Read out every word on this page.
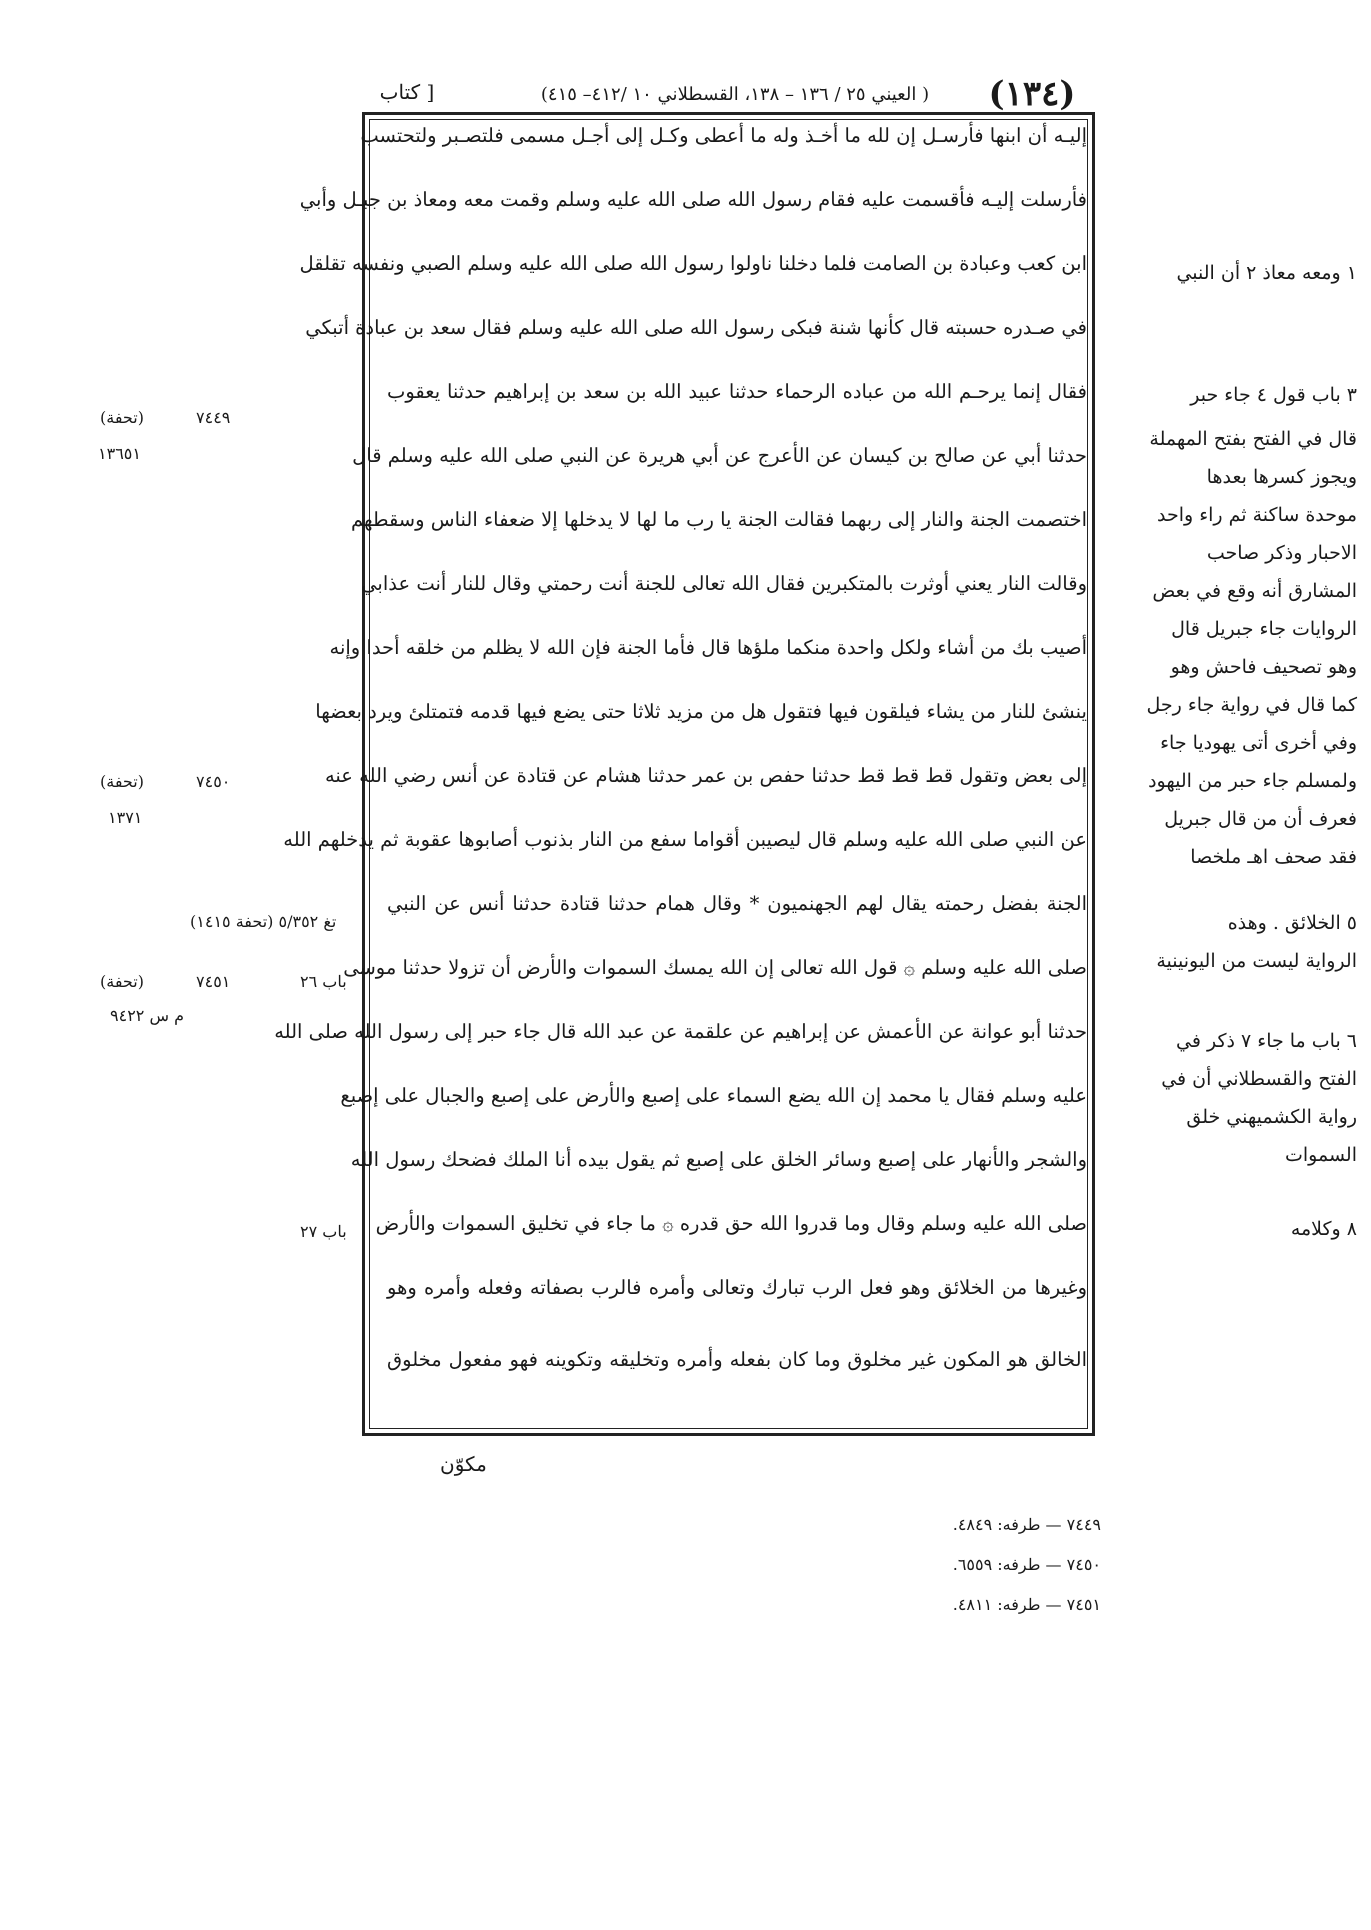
(١٣٤)
( العيني ٢٥ / ١٣٦ – ١٣٨، القسطلاني ١٠ /٤١٢– ٤١٥)
[ كتاب
إليـه أن ابنها فأرسـل إن لله ما أخـذ وله ما أعطى وكـل إلى أجـل مسمى فلتصـبر ولتحتسب
فأرسلت إليـه فأقسمت عليه فقام رسول الله صلى الله عليه وسلم وقمت معه ومعاذ بن جبـل وأبي
ابن كعب وعبادة بن الصامت فلما دخلنا ناولوا رسول الله صلى الله عليه وسلم الصبي ونفسه تقلقل
في صـدره حسبته قال كأنها شنة فبكى رسول الله صلى الله عليه وسلم فقال سعد بن عبادة أتبكي
فقال إنما يرحـم الله من عباده الرحماء حدثنا عبيد الله بن سعد بن إبراهيم حدثنا يعقوب
حدثنا أبي عن صالح بن كيسان عن الأعرج عن أبي هريرة عن النبي صلى الله عليه وسلم قال
اختصمت الجنة والنار إلى ربهما فقالت الجنة يا رب ما لها لا يدخلها إلا ضعفاء الناس وسقطهم
وقالت النار يعني أوثرت بالمتكبرين فقال الله تعالى للجنة أنت رحمتي وقال للنار أنت عذابي
أصيب بك من أشاء ولكل واحدة منكما ملؤها قال فأما الجنة فإن الله لا يظلم من خلقه أحدا وإنه
ينشئ للنار من يشاء فيلقون فيها فتقول هل من مزيد ثلاثا حتى يضع فيها قدمه فتمتلئ ويرد بعضها
إلى بعض وتقول قط قط قط حدثنا حفص بن عمر حدثنا هشام عن قتادة عن أنس رضي الله عنه
عن النبي صلى الله عليه وسلم قال ليصيبن أقواما سفع من النار بذنوب أصابوها عقوبة ثم يدخلهم الله
الجنة بفضل رحمته يقال لهم الجهنميون * وقال همام حدثنا قتادة حدثنا أنس عن النبي
صلى الله عليه وسلم ۞ قول الله تعالى إن الله يمسك السموات والأرض أن تزولا حدثنا موسى
حدثنا أبو عوانة عن الأعمش عن إبراهيم عن علقمة عن عبد الله قال جاء حبر إلى رسول الله صلى الله
عليه وسلم فقال يا محمد إن الله يضع السماء على إصبع والأرض على إصبع والجبال على إصبع
والشجر والأنهار على إصبع وسائر الخلق على إصبع ثم يقول بيده أنا الملك فضحك رسول الله
صلى الله عليه وسلم وقال وما قدروا الله حق قدره ۞ ما جاء في تخليق السموات والأرض
وغيرها من الخلائق وهو فعل الرب تبارك وتعالى وأمره فالرب بصفاته وفعله وأمره وهو
الخالق هو المكون غير مخلوق وما كان بفعله وأمره وتخليقه وتكوينه فهو مفعول مخلوق
١ ومعه معاذ ٢ أن النبي
٣ باب قول ٤ جاء حبر
قال في الفتح بفتح المهملة
ويجوز كسرها بعدها
موحدة ساكنة ثم راء واحد
الاحبار وذكر صاحب
المشارق أنه وقع في بعض
الروايات جاء جبريل قال
وهو تصحيف فاحش وهو
كما قال في رواية جاء رجل
وفي أخرى أتى يهوديا جاء
ولمسلم جاء حبر من اليهود
فعرف أن من قال جبريل
فقد صحف اهـ ملخصا
٥ الخلائق . وهذه
الرواية ليست من اليونينية
٦ باب ما جاء ٧ ذكر في
الفتح والقسطلاني أن في
رواية الكشميهني خلق
السموات
٨ وكلامه
(تحفة)	٧٤٤٩
١٣٦٥١
(تحفة)	٧٤٥٠
١٣٧١
تغ ٥/٣٥٢ (تحفة ١٤١٥)
(تحفة)	٧٤٥١	باب ٢٦
م س ٩٤٢٢
باب ٢٧
مكوّن
٧٤٤٩ — طرفه: ٤٨٤٩.
٧٤٥٠ — طرفه: ٦٥٥٩.
٧٤٥١ — طرفه: ٤٨١١.
